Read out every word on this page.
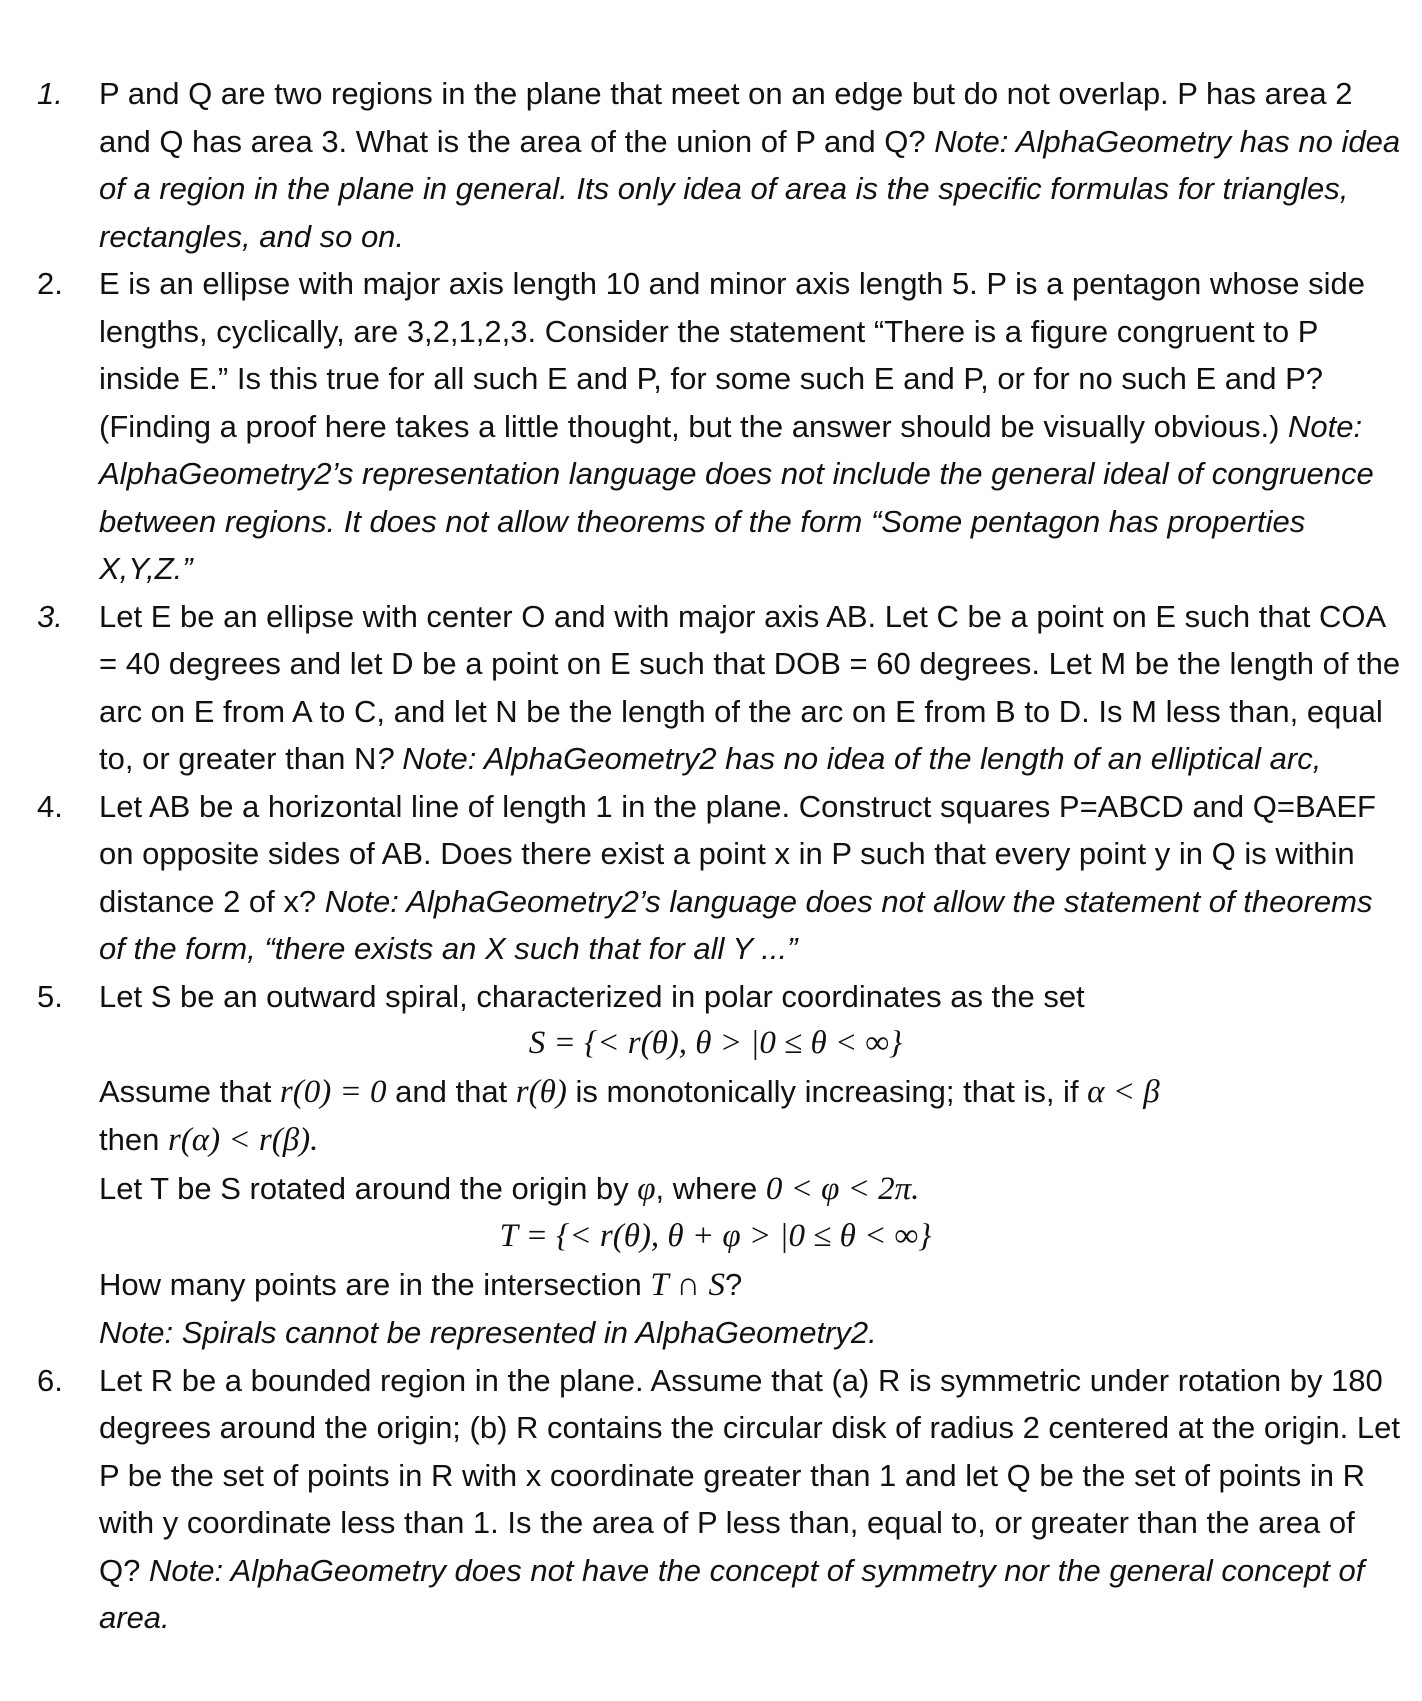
1.	P and Q are two regions in the plane that meet on an edge but do not overlap. P has area 2 and Q has area 3. What is the area of the union of P and Q? Note: AlphaGeometry has no idea of a region in the plane in general. Its only idea of area is the specific formulas for triangles, rectangles, and so on.
2.	E is an ellipse with major axis length 10 and minor axis length 5. P is a pentagon whose side lengths, cyclically, are 3,2,1,2,3. Consider the statement “There is a figure congruent to P inside E.” Is this true for all such E and P, for some such E and P, or for no such E and P? (Finding a proof here takes a little thought, but the answer should be visually obvious.) Note: AlphaGeometry2’s representation language does not include the general ideal of congruence between regions. It does not allow theorems of the form “Some pentagon has properties X,Y,Z.”
3.	Let E be an ellipse with center O and with major axis AB. Let C be a point on E such that COA = 40 degrees and let D be a point on E such that DOB = 60 degrees. Let M be the length of the arc on E from A to C, and let N be the length of the arc on E from B to D. Is M less than, equal to, or greater than N? Note: AlphaGeometry2 has no idea of the length of an elliptical arc,
4.	Let AB be a horizontal line of length 1 in the plane. Construct squares P=ABCD and Q=BAEF on opposite sides of AB. Does there exist a point x in P such that every point y in Q is within distance 2 of x? Note: AlphaGeometry2’s language does not allow the statement of theorems of the form, “there exists an X such that for all Y ...”
5.	Let S be an outward spiral, characterized in polar coordinates as the set
S = {< r(θ), θ > |0 ≤ θ < ∞}
Assume that r(0) = 0 and that r(θ) is monotonically increasing; that is, if α < β
then r(α) < r(β).
Let T be S rotated around the origin by φ, where 0 < φ < 2π.
T = {< r(θ), θ + φ > |0 ≤ θ < ∞}
How many points are in the intersection T ∩ S?
Note: Spirals cannot be represented in AlphaGeometry2.
6.	Let R be a bounded region in the plane. Assume that (a) R is symmetric under rotation by 180 degrees around the origin; (b) R contains the circular disk of radius 2 centered at the origin. Let P be the set of points in R with x coordinate greater than 1 and let Q be the set of points in R with y coordinate less than 1. Is the area of P less than, equal to, or greater than the area of Q? Note: AlphaGeometry does not have the concept of symmetry nor the general concept of area.
